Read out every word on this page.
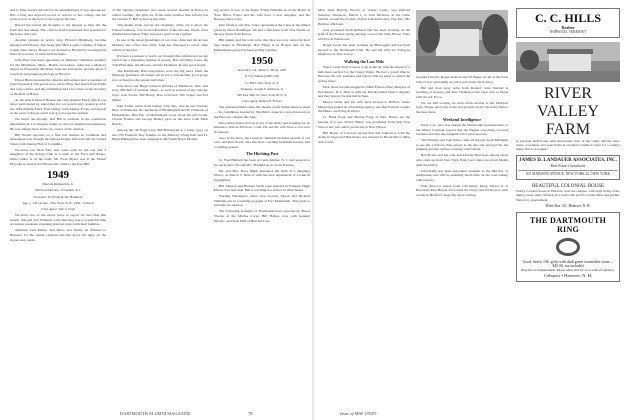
and to Miss Greta Carlsrud for the Alumni Fund. It was announced. Has a long and devoted record of service to her college and his work is now in the front of the page in the east.

Harold has turned his thoughts to the Oregon as they left the farm and ties ahead. The class is well represented and grateful for the honor this year.

Another reunion in active duty, Howard Hirshberg, became engaged in February. The lucky girl, Miss Louise Cushing of Sutton Center, New Jersey. Hopes to be married to Howard is an ensign but there is no notice of when he'll be home.

John Hare has been appointed an alumnus committee member for the Middlesex, Mass., Health association. John has a Master's degree in Preventive Medicine from the University and has given a course in personnel psychology at Harvard.

Ernest Hunn presents the cheerful atmosphere and occupation of John Southwick still graces us to know. Have had letters from Eddie and a few others, and the committees had a few men on the last days of the Roll of Honor.

At the time Kirkwell Hauser the class Alumni Fund, which was never participated in, asked that two we would carry around to ALL the 1919 Alumni Fund. Fred Oberg, John Johnny Foster and myself as the years will pass and it was good to see the reunion.

We heard one though, that Bill is assistant in the operations department at Los Angeles being on the Los Angeles headquarters. He was among those in the top corner of the reunion.

Bill Perrill reported on a fine fall reunion in Cardinals and subsequent tour through the famous Prague before he left the United States with Johnny Fish of Columbia.

We have lost Matt Fitz, and come with an AA son and 2 daughters of the Rotary Club at Cornell to the Ford and Harper, while Geller is on the team. Mr. Evan Myers was at the Mount Holyoke as well as Ed Ellison who came to the East Hill.

1949
Sherwin Kirkpatrick, Jr.
186 Portsdam Ave., Portsdam, R. I.
Treasurer: Ed Smith & Mr. Hamilton
Apt. 1, 145 1st Ave., New York, N. Y., 1950 - Jackson
Class Agent, Vale S. Fogh

We have two of the nicest news to report for the class this month. Jim and Ted Williams write that they had a wonderful time at reunion weekend, returning after ten years with their families.

Alumnus Jack Marks, Ted Tiller, and family all returned to Hanover for the winter carnival and the 'good old days' on the slopes once again.

of Mr. Martin classmates also spent several months in Korea in winter weather. The girls are in the same position that nobody has the Charles E. Bell School at this time.

Tim Austin, Penn and an old classmate, while yet to know the famous business, was elected President of the Tacoma, Wash., Area Alumni Association. They enjoyed a great week together.

In one of the nicest friendships of our class, Alan and the Arcane Markets, has a fine new baby. John has managed to travel quite widely in the past.

It's been a pleasure to reach out through this column and we get notes from a surprising number of people. Bob and Mary Jones, the Tom Eldredges, the Moores, and the Eastmans all sent good words.

The Dartmouth Hall renovations were the big news when the February graduates all turned out in force and another good group was on hand for the winter festivities.

John Ross and Hugh Johnson (Frank) of Baltimore, Md., and Jerry Mitchell of Gardner, Mass., as well as several of the Chicago boys: Jack Evans, Bill Henry, Dan Crawford, Jim Trager and Ted Miller.

Paul Sadler writes from Kansas City, Mo., that he saw Charley Hess of Winnetka, Ill., Kennedy of Birmingham and H. Fullerton of Philadelphia. Bud Farr of Marblehead wrote about his new home. Charlie Frazier and George Halsey gave us the news from Palm Beach.

Among the '49 Navy boys, Bill Hunnewell is a Lieut. (j.g.) on the USS Fremont; Ray Jenkins on the Midway; Doug Kerr and Lt. Hugh Pinkley have been assigned to the Tenth Naval District.

ing service is now at the home, Frank Williams is on the Board at Yale. Bruce Foster and his wife have a new daughter, and the Hoppers have a boy.

Dan Thomas and Pete Jones represented the Class at the dinner given by Dean Neidlinger. We had a fine letter from Jack Nesbit on his way home from Korea.

Bill Atkins and his wife write that they are now settled in their new home in Pittsburgh. Bob Flagg is in Boston and all the Philadelphia group has been getting together.

1950
Secretary, Cdr. Albert C. Hyde, 1205
U.S.S. Walker (DDE-518)
c/o FPO, New York, N. Y.
Treasurer, Joseph P. Ambrose, Jr.
309 East 90th St., New York 28, N. Y.
Class Agent, Robert E. Fowler

The announcement came this month of the Smith reunion plans — the committee, headed by Jim Fuller, expects a record turnout on the Hanover campus this June.

Dave Rand writes that he is out of the Army and working for an insurance firm in Hartford, Conn. He and his wife have a son born in January.

Also in the news, the Carnival chairmen included several of our own, and Ken Wood, who has been coaching freshman hockey, had a winning season.

The Hitching Post

Lt. Fred Hatfield has been at Camp Kilmer, N. J., and expects to be out in June. He and Mrs. Hatfield wrote from Trenton.

Mr. and Mrs. Dave Smith announce the birth of a daughter, Nancy, on March 3. Dave is with the trust department of a bank in Springfield.

Bill Johnson and Barbara Wells were married in Yonkers; Hugh Dawes was best man. Bill is teaching at a school in Westchester.

Sterling Harrington writes that Gordon Tipton and Richard Williams are in a training program at Fort Monmouth. They plan to be home for reunion.

The following formerly of Dartmouth have reported in: Bruce Thorne of the Marine Corps, Bill Halsey, now with General Electric, and Tom Ellis of Harvard Law.

Miss Janet Beverly Brown of Union, Conn., was married Saturday afternoon, March 1, to Jack McGrew in the Little Church around the Corner. Robert Knickerbocker, The Rev. Mr. Holmes officiated.

Jack graduated from Amherst and has been working on the staff of the Boston Globe, having covered the State House. They will live in Watertown.

Roger Lewis has been working for Burroughs and has been elected to the Dartmouth Club. He and his wife are living in Maplewood, New Jersey.

Walking the Last Mile

Space Cadet Paul Conway is up in the air with his dream of a helicopter service for the Upper Valley. He had a grand time in Hanover the last weekend and reports that he plans to attend the spring dance.

Dick Sears became engaged to Miss Frances Mary Burgess of Providence, R. I. Dick is with the Rhode Island Trust Company and they hope to be married in June.

Mason Wells and his wife have moved to Buffalo where Mason has joined an advertising agency. Another Eastern couple, the Hunts, are living in Ithaca.

Lt. Hank Fogg and Marian Fogg of New Haven are the parents of a son, David. Henry was graduated from Yale Law School last year and is practicing in New Haven.

Bill Harris of Concord reports that Ted Johnson is with the Army in Japan and Bud Peters was married in Bronxville to Miss Ann Carter.

Greenie Lincoln, Roger Jackson and Ed Baker are all at the Tuck School now and taking an active part in the Tuck drive.

Hal and Joan Gray write from Denver; John Sinclair is teaching at Groton; and Pete Thompson has been sent to Texas with the Air Force.

We are still looking for news from several of the Midwest boys. Please send your notes and pictures to the Secretary before the June issue.

Weekend Intelligence

Ernie Cox, who was among the Dartmouth representatives at the Winter Carnival, reports that the Nugget was doing a record business and that the weekend was a great success.

Ted Whitney and Tom Wiley came all the way from Michigan to see the Carnival; they stayed at the Inn and enjoyed the ski jumping and the outdoor evening with friends.

Bob Evans and his wife and Charlie Beal were among those who came up from New York. Paul Lord came over from Maine with the Kellys.

John Kelly has been appointed assistant to the Director of Admissions and will be spending much time on the road talking with schools.

Tom Atwood writes from Cincinnati; Doug Meyer is at Bowdoin; Pete Bryant has joined the Navy; and Ed Ryan is with a bank in Hartford. Keep the news coming.

C. C. HILLS
Realtor
NORWICH, VERMONT
RIVER VALLEY FARM

A spacious farm house with spectacular view of the valley and the river, barns, woodland, and open fields in excellent condition, ideal for a country home. Price on request.

JAMES D. LANDAUER ASSOCIATES, INC.
Real Estate Consultants
501 MADISON AVENUE, NEW YORK 22, NEW YORK
BEAUTIFUL COLONIAL HOUSE

Sturdy Colonial house in Hanover, near the campus, with large living room, dining room, study, kitchen, five bedrooms and two baths. Barn and garden. Shown by appointment.

Write Box 141, Hanover, N. H.
THE DARTMOUTH RING
Good, heavy 10k. gold, with dark green tourmaline stone—$45.00, tax included
Ring size an indispensable. Please allow time for us to order for delivery.
Coburn's • Hanover, N. H.
DARTMOUTH ALUMNI MAGAZINE	78	Issue of MAY 1952
79
